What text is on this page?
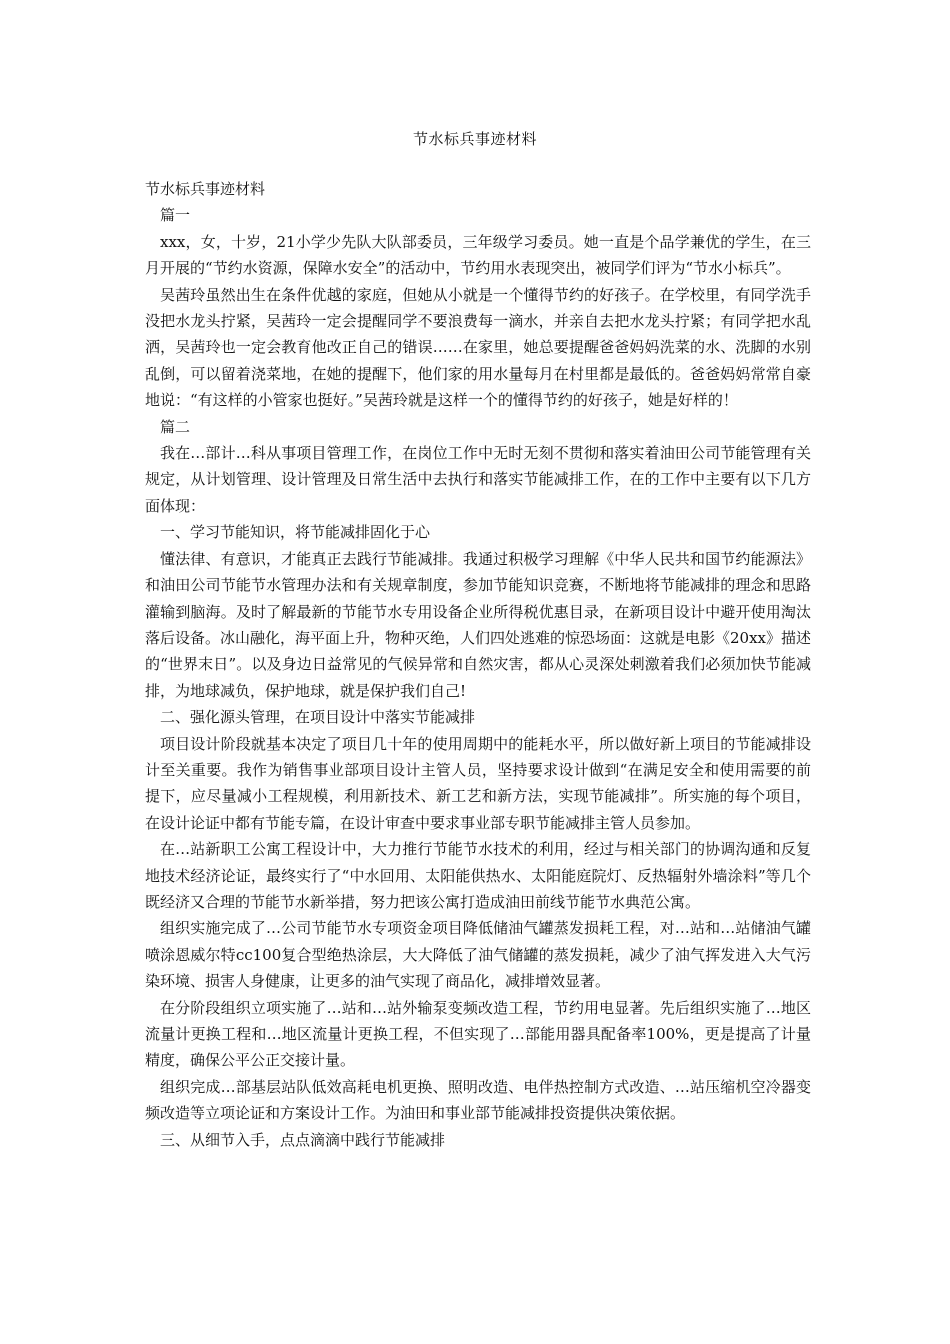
节水标兵事迹材料

节水标兵事迹材料

篇一

xxx，女，十岁，21小学少先队大队部委员，三年级学习委员。她一直是个品学兼优的学生，在三月开展的“节约水资源，保障水安全”的活动中，节约用水表现突出，被同学们评为“节水小标兵”。

吴茜玲虽然出生在条件优越的家庭，但她从小就是一个懂得节约的好孩子。在学校里，有同学洗手没把水龙头拧紧，吴茜玲一定会提醒同学不要浪费每一滴水，并亲自去把水龙头拧紧；有同学把水乱洒，吴茜玲也一定会教育他改正自己的错误……在家里，她总要提醒爸爸妈妈洗菜的水、洗脚的水别乱倒，可以留着浇菜地，在她的提醒下，他们家的用水量每月在村里都是最低的。爸爸妈妈常常自豪地说：“有这样的小管家也挺好。”吴茜玲就是这样一个的懂得节约的好孩子，她是好样的！

篇二

我在…部计…科从事项目管理工作，在岗位工作中无时无刻不贯彻和落实着油田公司节能管理有关规定，从计划管理、设计管理及日常生活中去执行和落实节能减排工作，在的工作中主要有以下几方面体现：

一、学习节能知识，将节能减排固化于心

懂法律、有意识，才能真正去践行节能减排。我通过积极学习理解《中华人民共和国节约能源法》和油田公司节能节水管理办法和有关规章制度，参加节能知识竞赛，不断地将节能减排的理念和思路灌输到脑海。及时了解最新的节能节水专用设备企业所得税优惠目录，在新项目设计中避开使用淘汰落后设备。冰山融化，海平面上升，物种灭绝，人们四处逃难的惊恐场面：这就是电影《20xx》描述的“世界末日”。以及身边日益常见的气候异常和自然灾害，都从心灵深处刺激着我们必须加快节能减排，为地球减负，保护地球，就是保护我们自己!

二、强化源头管理，在项目设计中落实节能减排

项目设计阶段就基本决定了项目几十年的使用周期中的能耗水平，所以做好新上项目的节能减排设计至关重要。我作为销售事业部项目设计主管人员，坚持要求设计做到“在满足安全和使用需要的前提下，应尽量减小工程规模，利用新技术、新工艺和新方法，实现节能减排”。所实施的每个项目，在设计论证中都有节能专篇，在设计审查中要求事业部专职节能减排主管人员参加。

在…站新职工公寓工程设计中，大力推行节能节水技术的利用，经过与相关部门的协调沟通和反复地技术经济论证，最终实行了“中水回用、太阳能供热水、太阳能庭院灯、反热辐射外墙涂料”等几个既经济又合理的节能节水新举措，努力把该公寓打造成油田前线节能节水典范公寓。

组织实施完成了…公司节能节水专项资金项目降低储油气罐蒸发损耗工程，对…站和…站储油气罐喷涂恩威尔特cc100复合型绝热涂层，大大降低了油气储罐的蒸发损耗，减少了油气挥发进入大气污染环境、损害人身健康，让更多的油气实现了商品化，减排增效显著。

在分阶段组织立项实施了…站和…站外输泵变频改造工程，节约用电显著。先后组织实施了…地区流量计更换工程和…地区流量计更换工程，不但实现了…部能用器具配备率100%，更是提高了计量精度，确保公平公正交接计量。

组织完成…部基层站队低效高耗电机更换、照明改造、电伴热控制方式改造、…站压缩机空冷器变频改造等立项论证和方案设计工作。为油田和事业部节能减排投资提供决策依据。

三、从细节入手，点点滴滴中践行节能减排
